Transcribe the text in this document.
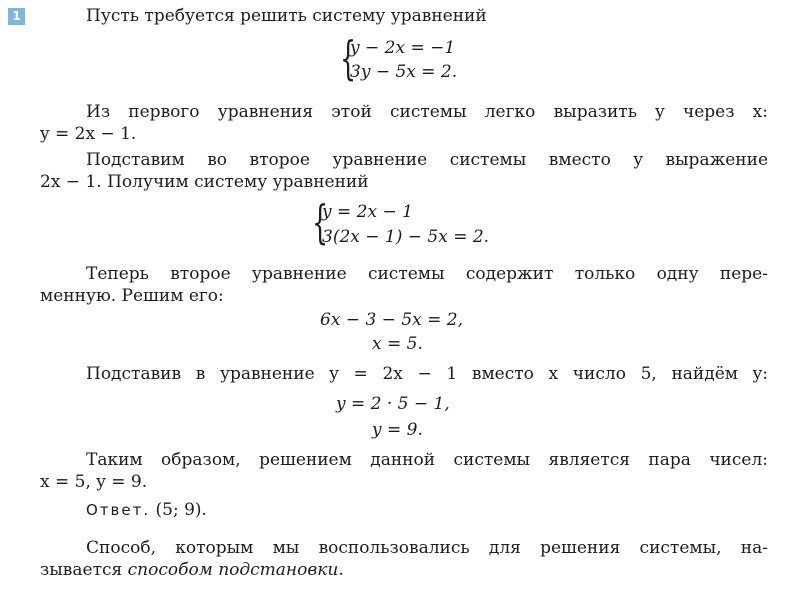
1	Пусть требуется решить систему уравнений
{
y − 2x = −1
3y − 5x = 2.
Из первого уравнения этой системы легко выразить y через x:
y = 2x − 1.
Подставим во второе уравнение системы вместо y выражение
2x − 1. Получим систему уравнений
{
y = 2x − 1
3(2x − 1) − 5x = 2.
Теперь второе уравнение системы содержит только одну пере-
менную. Решим его:
6x − 3 − 5x = 2,
x = 5.
Подставив в уравнение y = 2x − 1 вместо x число 5, найдём y:
y = 2 · 5 − 1,
y = 9.
Таким образом, решением данной системы является пара чисел:
x = 5, y = 9.
Ответ. (5; 9).
Способ, которым мы воспользовались для решения системы, на-
зывается способом подстановки.
